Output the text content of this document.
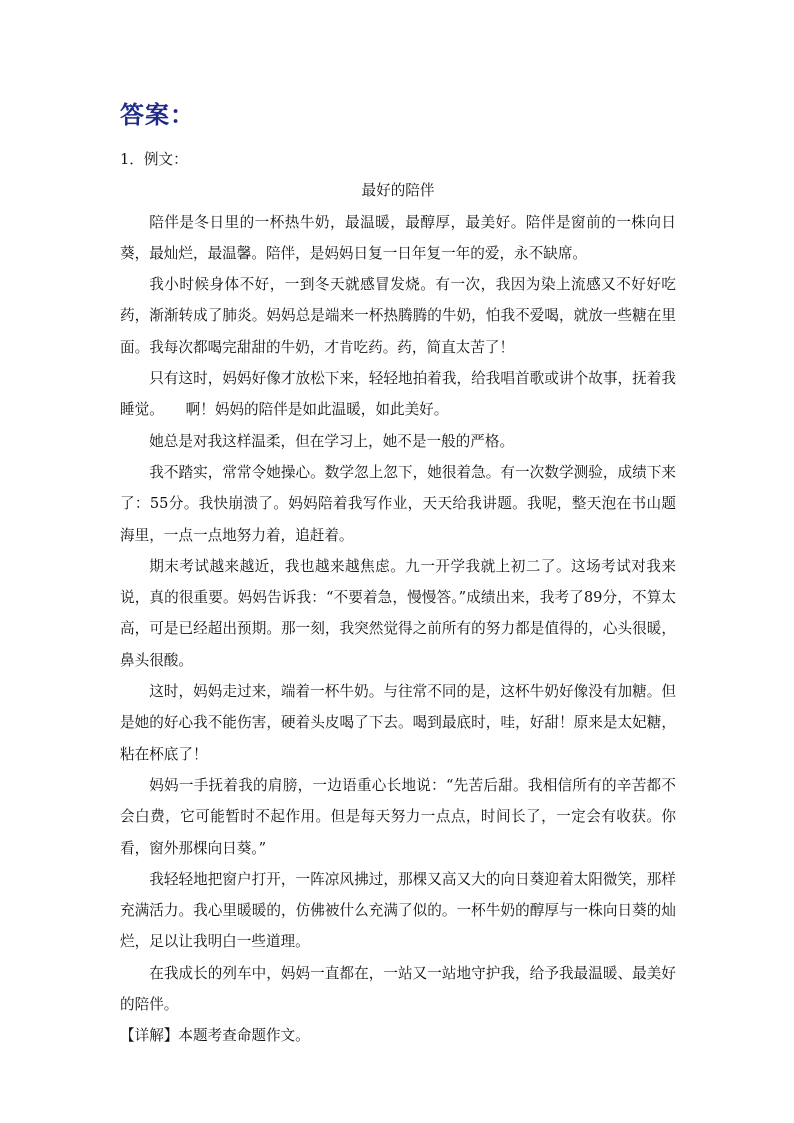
答案：

1．例文：

最好的陪伴

陪伴是冬日里的一杯热牛奶，最温暖，最醇厚，最美好。陪伴是窗前的一株向日葵，最灿烂，最温馨。陪伴，是妈妈日复一日年复一年的爱，永不缺席。

我小时候身体不好，一到冬天就感冒发烧。有一次，我因为染上流感又不好好吃药，渐渐转成了肺炎。妈妈总是端来一杯热腾腾的牛奶，怕我不爱喝，就放一些糖在里面。我每次都喝完甜甜的牛奶，才肯吃药。药，简直太苦了！

只有这时，妈妈好像才放松下来，轻轻地拍着我，给我唱首歌或讲个故事，抚着我睡觉。　　啊！妈妈的陪伴是如此温暖，如此美好。

她总是对我这样温柔，但在学习上，她不是一般的严格。

我不踏实，常常令她操心。数学忽上忽下，她很着急。有一次数学测验，成绩下来了：55分。我快崩溃了。妈妈陪着我写作业，天天给我讲题。我呢，整天泡在书山题海里，一点一点地努力着，追赶着。

期末考试越来越近，我也越来越焦虑。九一开学我就上初二了。这场考试对我来说，真的很重要。妈妈告诉我：“不要着急，慢慢答。”成绩出来，我考了89分，不算太高，可是已经超出预期。那一刻，我突然觉得之前所有的努力都是值得的，心头很暖，鼻头很酸。

这时，妈妈走过来，端着一杯牛奶。与往常不同的是，这杯牛奶好像没有加糖。但是她的好心我不能伤害，硬着头皮喝了下去。喝到最底时，哇，好甜！原来是太妃糖，粘在杯底了！

妈妈一手抚着我的肩膀，一边语重心长地说：“先苦后甜。我相信所有的辛苦都不会白费，它可能暂时不起作用。但是每天努力一点点，时间长了，一定会有收获。你看，窗外那棵向日葵。”

我轻轻地把窗户打开，一阵凉风拂过，那棵又高又大的向日葵迎着太阳微笑，那样充满活力。我心里暖暖的，仿佛被什么充满了似的。一杯牛奶的醇厚与一株向日葵的灿烂，足以让我明白一些道理。

在我成长的列车中，妈妈一直都在，一站又一站地守护我，给予我最温暖、最美好的陪伴。

【详解】本题考查命题作文。
